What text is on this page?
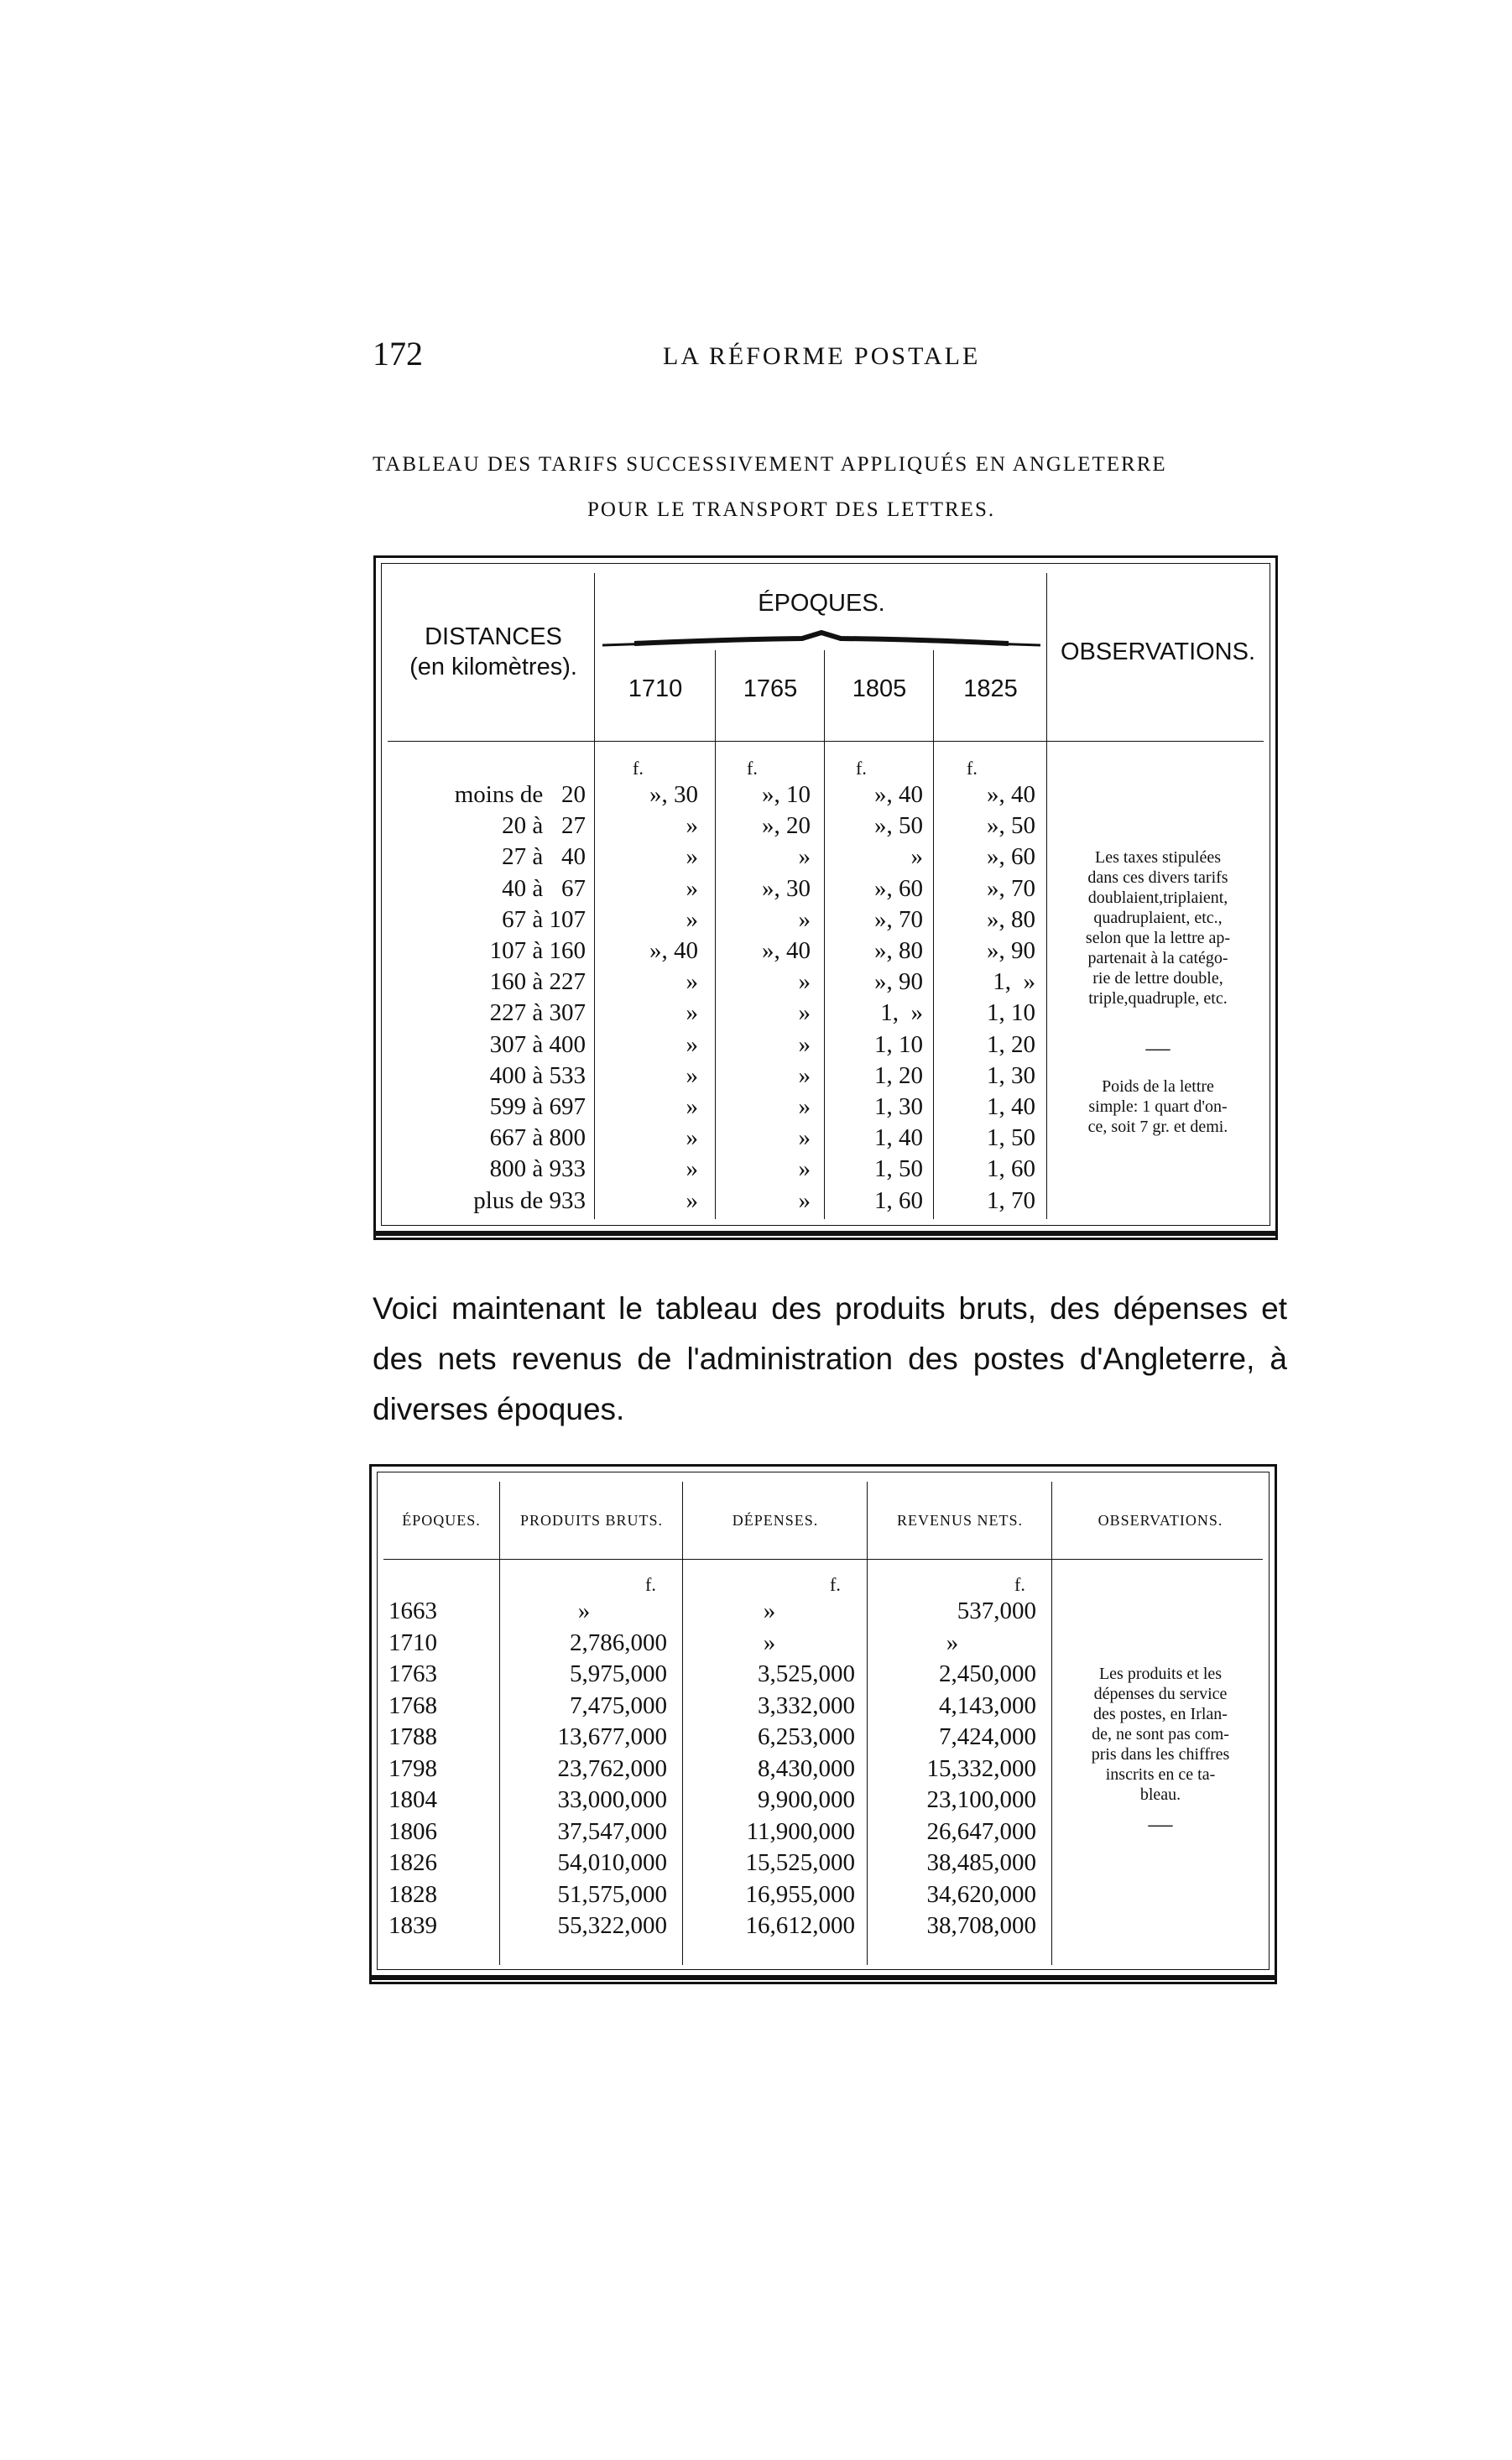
172	LA RÉFORME POSTALE
TABLEAU DES TARIFS SUCCESSIVEMENT APPLIQUÉS EN ANGLETERRE
POUR LE TRANSPORT DES LETTRES.
DISTANCES
(en kilomètres).
ÉPOQUES.
1710	1765	1805	1825
OBSERVATIONS.
f.	f.	f.	f.
moins de   20	», 30	», 10	», 40	», 40
20 à   27	»	», 20	», 50	», 50
27 à   40	»	»	»	», 60
40 à   67	»	», 30	», 60	», 70
67 à 107	»	»	», 70	», 80
107 à 160	», 40	», 40	», 80	», 90
160 à 227	»	»	», 90	1,  »
227 à 307	»	»	1,  »	1, 10
307 à 400	»	»	1, 10	1, 20
400 à 533	»	»	1, 20	1, 30
599 à 697	»	»	1, 30	1, 40
667 à 800	»	»	1, 40	1, 50
800 à 933	»	»	1, 50	1, 60
plus de 933	»	»	1, 60	1, 70
Les taxes stipulées
dans ces divers tarifs
doublaient,triplaient,
quadruplaient, etc.,
selon que la lettre ap-
partenait à la catégo-
rie de lettre double,
triple,quadruple, etc.
—
Poids de la lettre
simple: 1 quart d'on-
ce, soit 7 gr. et demi.
Voici maintenant le tableau des produits bruts, des dépenses et des nets revenus de l'administration des postes d'Angleterre, à diverses époques.
ÉPOQUES.	PRODUITS BRUTS.	DÉPENSES.	REVENUS NETS.	OBSERVATIONS.
f.	f.	f.
1663	»	»	537,000
1710	2,786,000	»	»
1763	5,975,000	3,525,000	2,450,000
1768	7,475,000	3,332,000	4,143,000
1788	13,677,000	6,253,000	7,424,000
1798	23,762,000	8,430,000	15,332,000
1804	33,000,000	9,900,000	23,100,000
1806	37,547,000	11,900,000	26,647,000
1826	54,010,000	15,525,000	38,485,000
1828	51,575,000	16,955,000	34,620,000
1839	55,322,000	16,612,000	38,708,000
Les produits et les
dépenses du service
des postes, en Irlan-
de, ne sont pas com-
pris dans les chiffres
inscrits en ce ta-
bleau.
—
